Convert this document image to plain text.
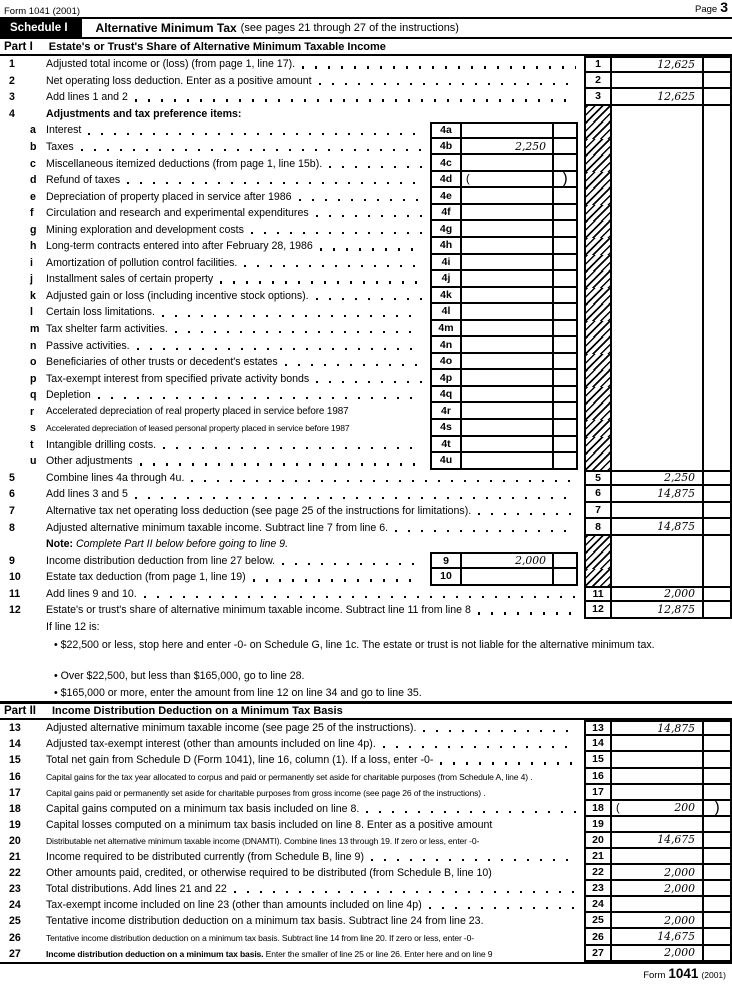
Form 1041 (2001)	Page 3
Schedule I	Alternative Minimum Tax (see pages 21 through 27 of the instructions)
Part I Estate's or Trust's Share of Alternative Minimum Taxable Income
1	Adjusted total income or (loss) (from page 1, line 17).	1	12,625
2	Net operating loss deduction. Enter as a positive amount	2
3	Add lines 1 and 2	3	12,625
4	Adjustments and tax preference items:
a Interest	4a
b Taxes	4b	2,250
c Miscellaneous itemized deductions (from page 1, line 15b).	4c
d Refund of taxes	4d	(	)
e Depreciation of property placed in service after 1986	4e
f	Circulation and research and experimental expenditures	4f
g Mining exploration and development costs	4g
h Long-term contracts entered into after February 28, 1986	4h
i	Amortization of pollution control facilities.	4i
j	Installment sales of certain property	4j
k Adjusted gain or loss (including incentive stock options).	4k
l	Certain loss limitations.	4l
m Tax shelter farm activities.	4m
n Passive activities.	4n
o Beneficiaries of other trusts or decedent's estates	4o
p Tax-exempt interest from specified private activity bonds	4p
q Depletion	4q
r	Accelerated depreciation of real property placed in service before 1987	4r
s	Accelerated depreciation of leased personal property placed in service before 1987	4s
t	Intangible drilling costs.	4t
u Other adjustments	4u
5	Combine lines 4a through 4u.	5	2,250
6	Add lines 3 and 5	6	14,875
7	Alternative tax net operating loss deduction (see page 25 of the instructions for limitations).	7
8	Adjusted alternative minimum taxable income. Subtract line 7 from line 6.	8	14,875
Note: Complete Part II below before going to line 9.
9	Income distribution deduction from line 27 below.	9	2,000
10	Estate tax deduction (from page 1, line 19)	10
11	Add lines 9 and 10.	11	2,000
12	Estate's or trust's share of alternative minimum taxable income. Subtract line 11 from line 8	12	12,875
If line 12 is:
• $22,500 or less, stop here and enter -0- on Schedule G, line 1c. The estate or trust is not liable for the alternative minimum tax.
• Over $22,500, but less than $165,000, go to line 28.
• $165,000 or more, enter the amount from line 12 on line 34 and go to line 35.
Part II Income Distribution Deduction on a Minimum Tax Basis
13	Adjusted alternative minimum taxable income (see page 25 of the instructions).	13	14,875
14	Adjusted tax-exempt interest (other than amounts included on line 4p).	14
15	Total net gain from Schedule D (Form 1041), line 16, column (1). If a loss, enter -0-	15
16	Capital gains for the tax year allocated to corpus and paid or permanently set aside for charitable purposes (from Schedule A, line 4) .	16
17	Capital gains paid or permanently set aside for charitable purposes from gross income (see page 26 of the instructions) .	17
18	Capital gains computed on a minimum tax basis included on line 8.	18	(	200	)
19	Capital losses computed on a minimum tax basis included on line 8. Enter as a positive amount	19
20	Distributable net alternative minimum taxable income (DNAMTI). Combine lines 13 through 19. If zero or less, enter -0-	20	14,675
21	Income required to be distributed currently (from Schedule B, line 9)	21
22	Other amounts paid, credited, or otherwise required to be distributed (from Schedule B, line 10)	22	2,000
23	Total distributions. Add lines 21 and 22	23	2,000
24	Tax-exempt income included on line 23 (other than amounts included on line 4p)	24
25	Tentative income distribution deduction on a minimum tax basis. Subtract line 24 from line 23.	25	2,000
26	Tentative income distribution deduction on a minimum tax basis. Subtract line 14 from line 20. If zero or less, enter -0-	26	14,675
27	Income distribution deduction on a minimum tax basis. Enter the smaller of line 25 or line 26. Enter here and on line 9	27	2,000
Form 1041 (2001)
